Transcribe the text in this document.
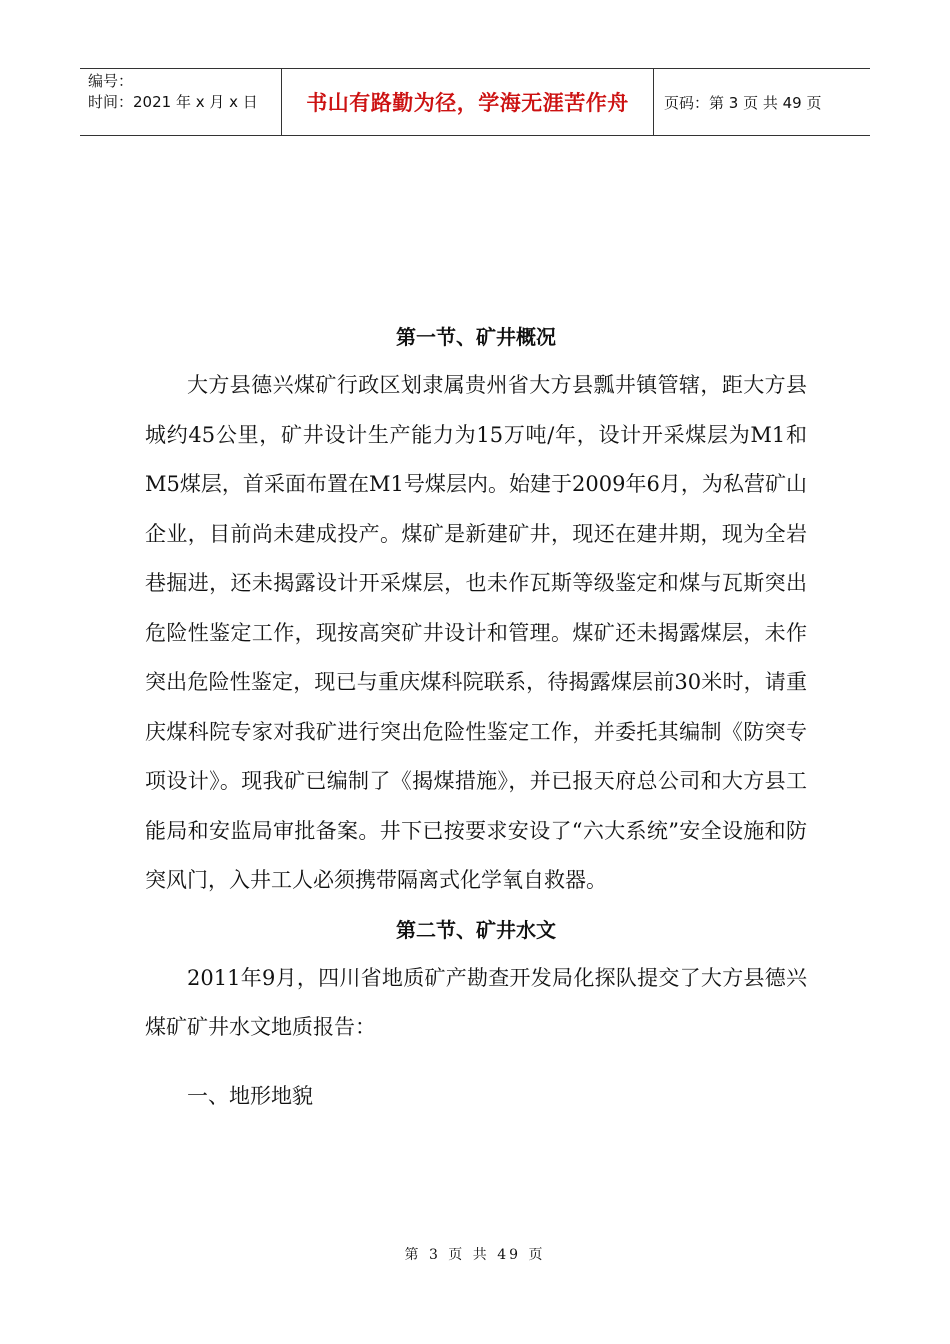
编号：
时间：2021 年 x 月 x 日	书山有路勤为径，学海无涯苦作舟 页码：第 3 页 共 49 页
第一节、矿井概况

大方县德兴煤矿行政区划隶属贵州省大方县瓢井镇管辖，距大方县城约45公里，矿井设计生产能力为15万吨/年，设计开采煤层为M1和M5煤层，首采面布置在M1号煤层内。始建于2009年6月，为私营矿山企业，目前尚未建成投产。煤矿是新建矿井，现还在建井期，现为全岩巷掘进，还未揭露设计开采煤层，也未作瓦斯等级鉴定和煤与瓦斯突出危险性鉴定工作，现按高突矿井设计和管理。煤矿还未揭露煤层，未作突出危险性鉴定，现已与重庆煤科院联系，待揭露煤层前30米时，请重庆煤科院专家对我矿进行突出危险性鉴定工作，并委托其编制《防突专项设计》。现我矿已编制了《揭煤措施》，并已报天府总公司和大方县工能局和安监局审批备案。井下已按要求安设了“六大系统”安全设施和防突风门，入井工人必须携带隔离式化学氧自救器。

第二节、矿井水文

2011年9月，四川省地质矿产勘查开发局化探队提交了大方县德兴煤矿矿井水文地质报告：

一、地形地貌

第 3 页 共 49 页
